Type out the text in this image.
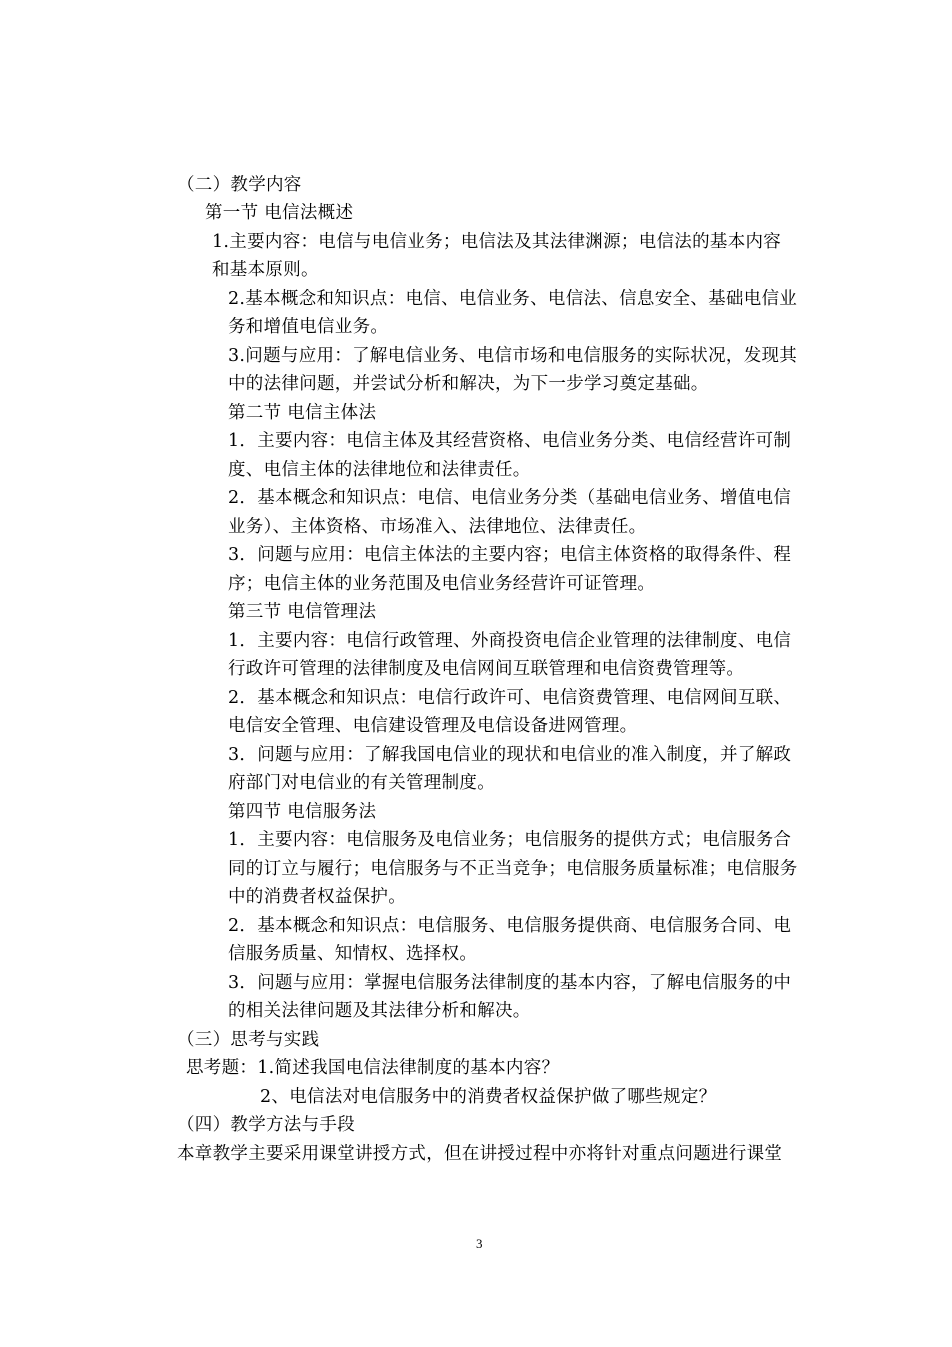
（二）教学内容
第一节 电信法概述
1.主要内容：电信与电信业务；电信法及其法律渊源；电信法的基本内容
和基本原则。
2.基本概念和知识点：电信、电信业务、电信法、信息安全、基础电信业
务和增值电信业务。
3.问题与应用：了解电信业务、电信市场和电信服务的实际状况，发现其
中的法律问题，并尝试分析和解决，为下一步学习奠定基础。
第二节 电信主体法
1．主要内容：电信主体及其经营资格、电信业务分类、电信经营许可制
度、电信主体的法律地位和法律责任。
2．基本概念和知识点：电信、电信业务分类（基础电信业务、增值电信
业务）、主体资格、市场准入、法律地位、法律责任。
3．问题与应用：电信主体法的主要内容；电信主体资格的取得条件、程
序；电信主体的业务范围及电信业务经营许可证管理。
第三节 电信管理法
1．主要内容：电信行政管理、外商投资电信企业管理的法律制度、电信
行政许可管理的法律制度及电信网间互联管理和电信资费管理等。
2．基本概念和知识点：电信行政许可、电信资费管理、电信网间互联、
电信安全管理、电信建设管理及电信设备进网管理。
3．问题与应用：了解我国电信业的现状和电信业的准入制度，并了解政
府部门对电信业的有关管理制度。
第四节 电信服务法
1．主要内容：电信服务及电信业务；电信服务的提供方式；电信服务合
同的订立与履行；电信服务与不正当竞争；电信服务质量标准；电信服务
中的消费者权益保护。
2．基本概念和知识点：电信服务、电信服务提供商、电信服务合同、电
信服务质量、知情权、选择权。
3．问题与应用：掌握电信服务法律制度的基本内容，了解电信服务的中
的相关法律问题及其法律分析和解决。
（三）思考与实践
思考题：1.简述我国电信法律制度的基本内容？
2、电信法对电信服务中的消费者权益保护做了哪些规定？
（四）教学方法与手段
本章教学主要采用课堂讲授方式，但在讲授过程中亦将针对重点问题进行课堂
3
